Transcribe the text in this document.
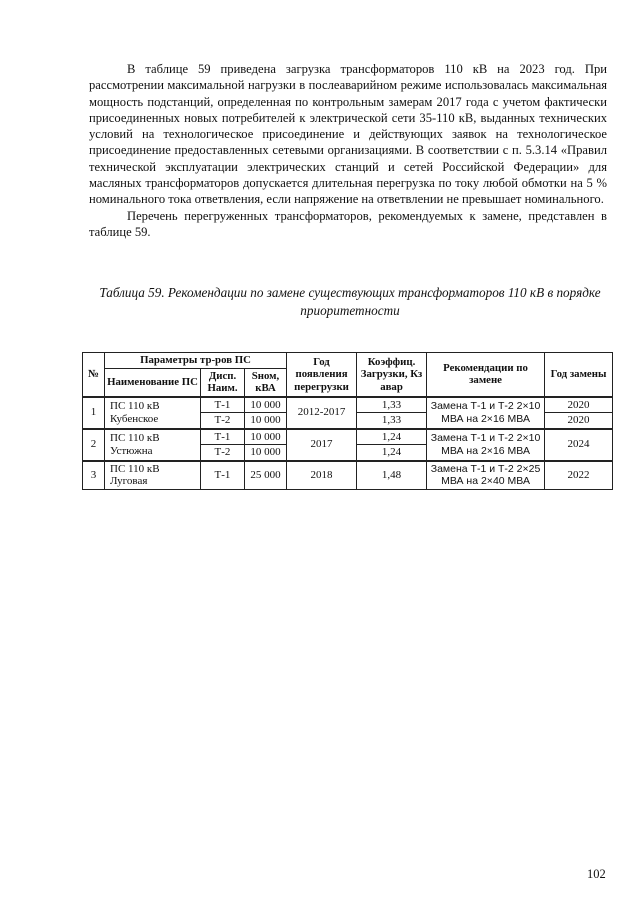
В таблице 59 приведена загрузка трансформаторов 110 кВ на 2023 год. При рассмотрении максимальной нагрузки в послеаварийном режиме использовалась максимальная мощность подстанций, определенная по контрольным замерам 2017 года с учетом фактически присоединенных новых потребителей к электрической сети 35-110 кВ, выданных технических условий на технологическое присоединение и действующих заявок на технологическое присоединение предоставленных сетевыми организациями. В соответствии с п. 5.3.14 «Правил технической эксплуатации электрических станций и сетей Российской Федерации» для масляных трансформаторов допускается длительная перегрузка по току любой обмотки на 5 % номинального тока ответвления, если напряжение на ответвлении не превышает номинального.

Перечень перегруженных трансформаторов, рекомендуемых к замене, представлен в таблице 59.

Таблица 59. Рекомендации по замене существующих трансформаторов 110 кВ в порядке приоритетности
№	Параметры тр-ров ПС			Год появления перегрузки	Коэффиц. Загрузки, Кз авар	Рекомендации по замене	Год замены
	Наименование ПС	Дисп. Наим.	Sном, кВА				
1	ПС 110 кВ Кубенское	Т-1	10 000	2012-2017	1,33	Замена Т-1 и Т-2 2×10 МВА на 2×16 МВА	2020
		Т-2	10 000		1,33		2020
2	ПС 110 кВ Устюжна	Т-1	10 000	2017	1,24	Замена Т-1 и Т-2 2×10 МВА на 2×16 МВА	2024
		Т-2	10 000		1,24		
3	ПС 110 кВ Луговая	Т-1	25 000	2018	1,48	Замена Т-1 и Т-2 2×25 МВА на 2×40 МВА	2022
102
